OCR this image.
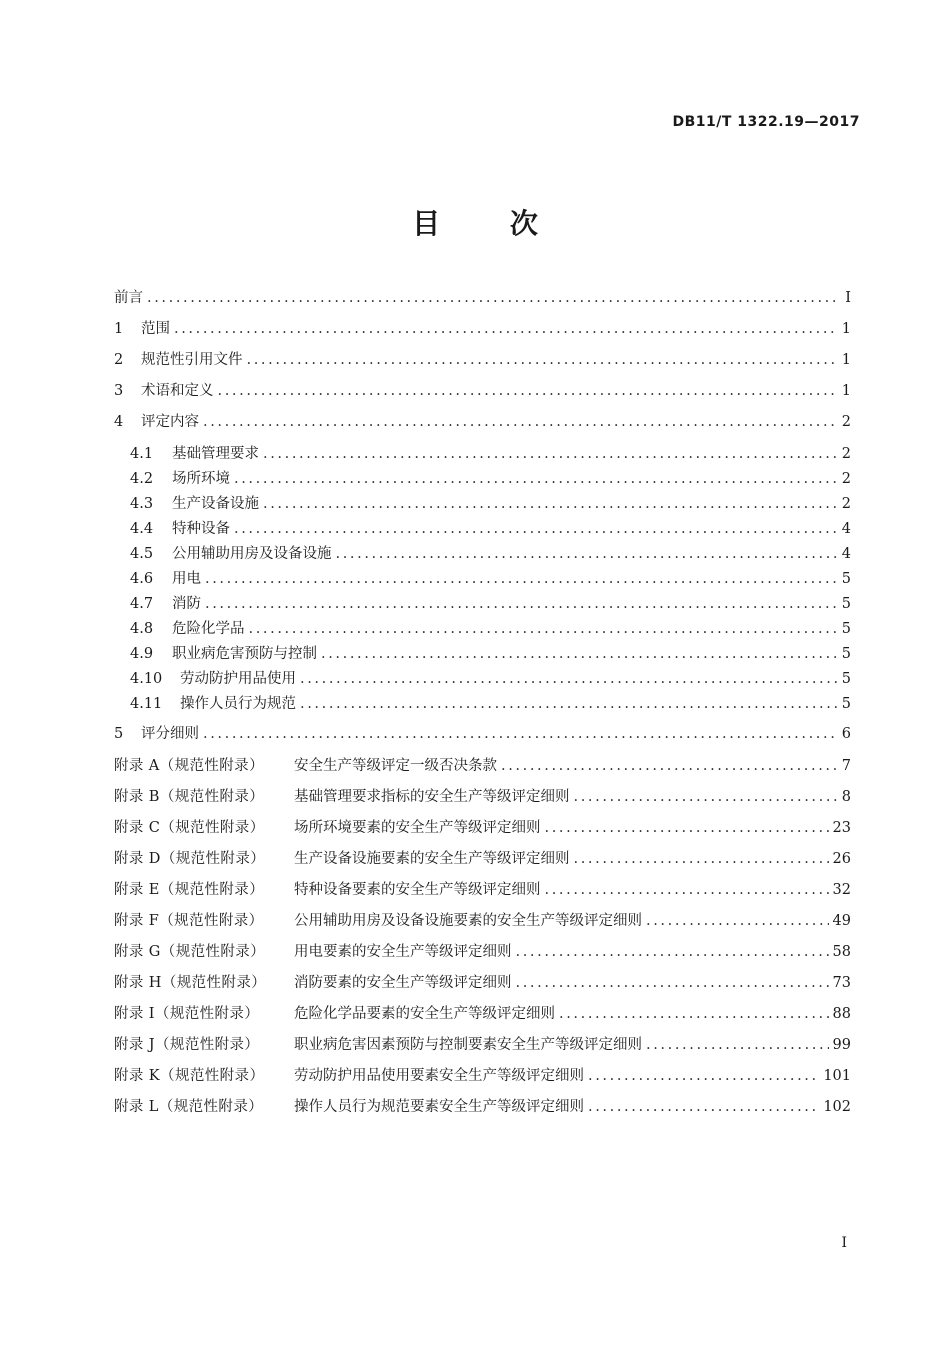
DB11/T 1322.19—2017
目 次
前言 .....	I
1	范围 .....	1
2	规范性引用文件 .....	1
3	术语和定义 .....	1
4	评定内容 .....	2
4.1	基础管理要求 .....	2
4.2	场所环境 .....	2
4.3	生产设备设施 .....	2
4.4	特种设备 .....	4
4.5	公用辅助用房及设备设施 .....	4
4.6	用电 .....	5
4.7	消防 .....	5
4.8	危险化学品 .....	5
4.9	职业病危害预防与控制 .....	5
4.10	劳动防护用品使用 .....	5
4.11	操作人员行为规范 .....	5
5	评分细则 .....	6
附录 A（规范性附录）	安全生产等级评定一级否决条款 .....	7
附录 B（规范性附录）	基础管理要求指标的安全生产等级评定细则 .....	8
附录 C（规范性附录）	场所环境要素的安全生产等级评定细则 .....	23
附录 D（规范性附录）	生产设备设施要素的安全生产等级评定细则 .....	26
附录 E（规范性附录）	特种设备要素的安全生产等级评定细则 .....	32
附录 F（规范性附录）	公用辅助用房及设备设施要素的安全生产等级评定细则 .....	49
附录 G（规范性附录）	用电要素的安全生产等级评定细则 .....	58
附录 H（规范性附录）	消防要素的安全生产等级评定细则 .....	73
附录 I（规范性附录）	危险化学品要素的安全生产等级评定细则 .....	88
附录 J（规范性附录）	职业病危害因素预防与控制要素安全生产等级评定细则 .....	99
附录 K（规范性附录）	劳动防护用品使用要素安全生产等级评定细则 .....	101
附录 L（规范性附录）	操作人员行为规范要素安全生产等级评定细则 .....	102
I
